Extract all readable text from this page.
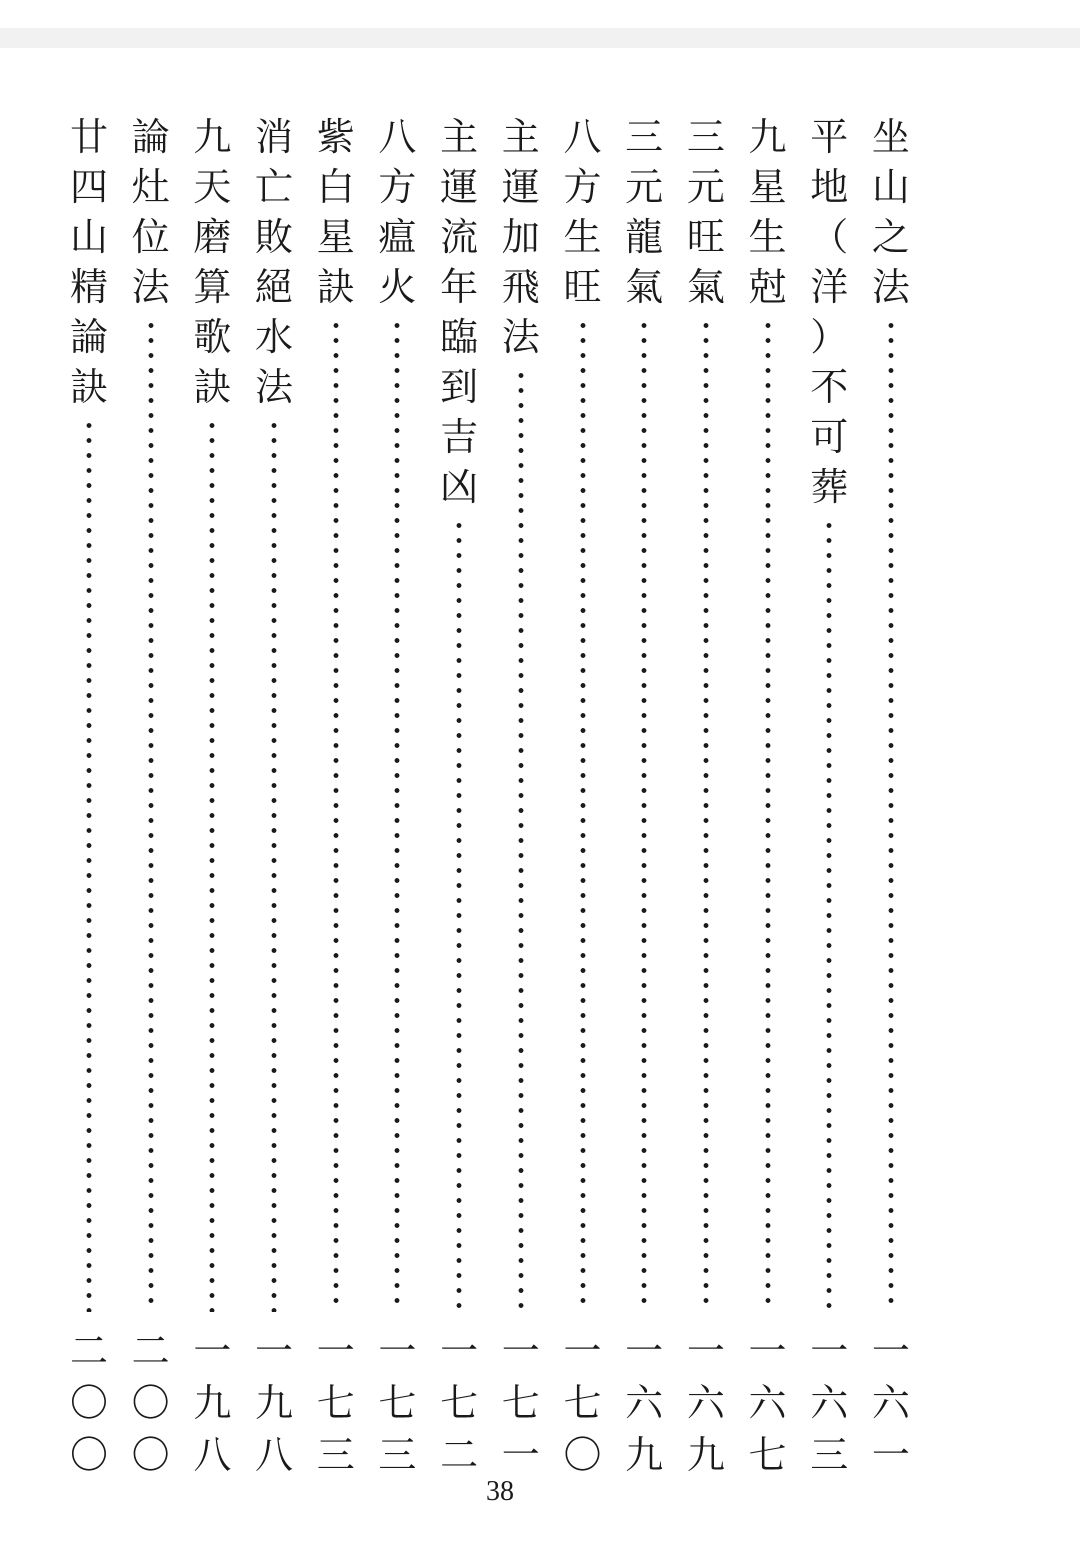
坐
山
之
法
一
六
一
平
地
（
洋
）
不
可
葬
一
六
三
九
星
生
尅
一
六
七
三
元
旺
氣
一
六
九
三
元
龍
氣
一
六
九
八
方
生
旺
一
七
〇
主
運
加
飛
法
一
七
一
主
運
流
年
臨
到
吉
凶
一
七
二
八
方
瘟
火
一
七
三
紫
白
星
訣
一
七
三
消
亡
敗
絕
水
法
一
九
八
九
天
磨
算
歌
訣
一
九
八
論
灶
位
法
二
〇
〇
廿
四
山
精
論
訣
二
〇
〇
38
